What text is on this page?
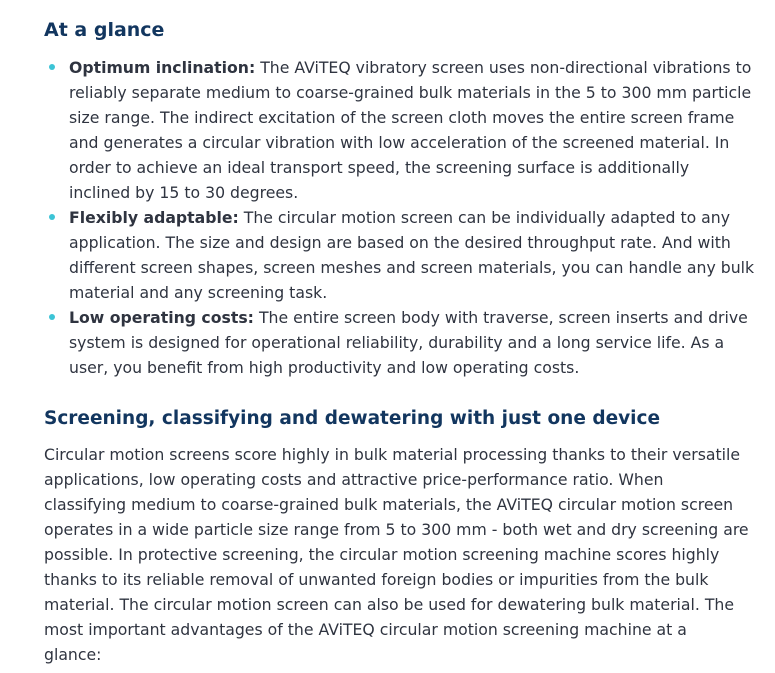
At a glance
Optimum inclination: The AViTEQ vibratory screen uses non-directional vibrations to reliably separate medium to coarse-grained bulk materials in the 5 to 300 mm particle size range. The indirect excitation of the screen cloth moves the entire screen frame and generates a circular vibration with low acceleration of the screened material. In order to achieve an ideal transport speed, the screening surface is additionally inclined by 15 to 30 degrees.
Flexibly adaptable: The circular motion screen can be individually adapted to any application. The size and design are based on the desired throughput rate. And with different screen shapes, screen meshes and screen materials, you can handle any bulk material and any screening task.
Low operating costs: The entire screen body with traverse, screen inserts and drive system is designed for operational reliability, durability and a long service life. As a user, you benefit from high productivity and low operating costs.
Screening, classifying and dewatering with just one device

Circular motion screens score highly in bulk material processing thanks to their versatile applications, low operating costs and attractive price-performance ratio. When classifying medium to coarse-grained bulk materials, the AViTEQ circular motion screen operates in a wide particle size range from 5 to 300 mm - both wet and dry screening are possible. In protective screening, the circular motion screening machine scores highly thanks to its reliable removal of unwanted foreign bodies or impurities from the bulk material. The circular motion screen can also be used for dewatering bulk material. The most important advantages of the AViTEQ circular motion screening machine at a glance:
